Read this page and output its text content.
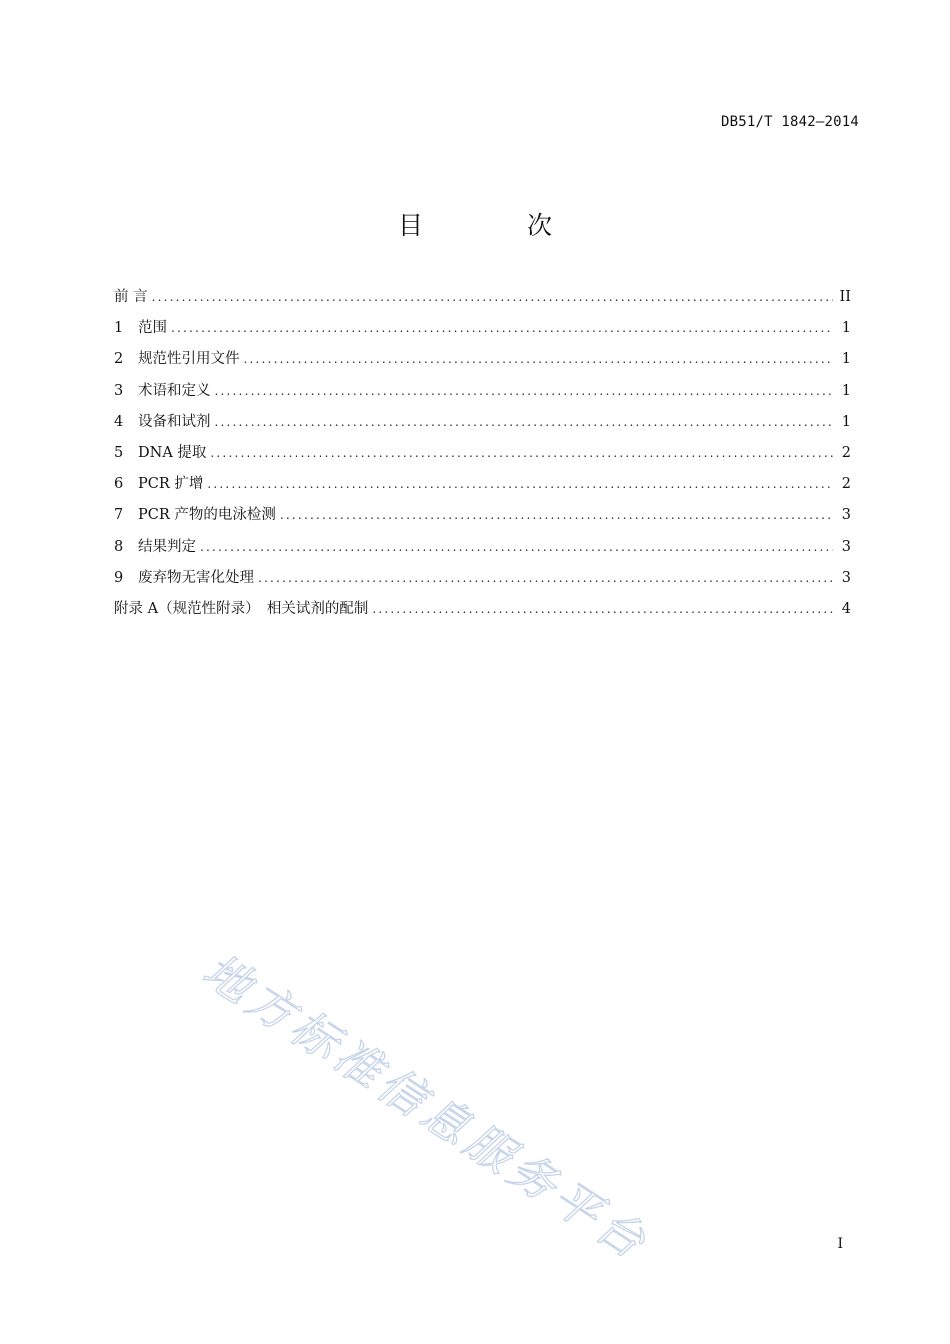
DB51/T 1842—2014
目 次
前 言 .....	II
1	范围 .....	1
2	规范性引用文件 .....	1
3	术语和定义 .....	1
4	设备和试剂 .....	1
5	DNA 提取 .....	2
6	PCR 扩增 .....	2
7	PCR 产物的电泳检测 .....	3
8	结果判定 .....	3
9	废弃物无害化处理 .....	3
附录 A（规范性附录）　相关试剂的配制 .....	4
地方标准信息服务平台	I
